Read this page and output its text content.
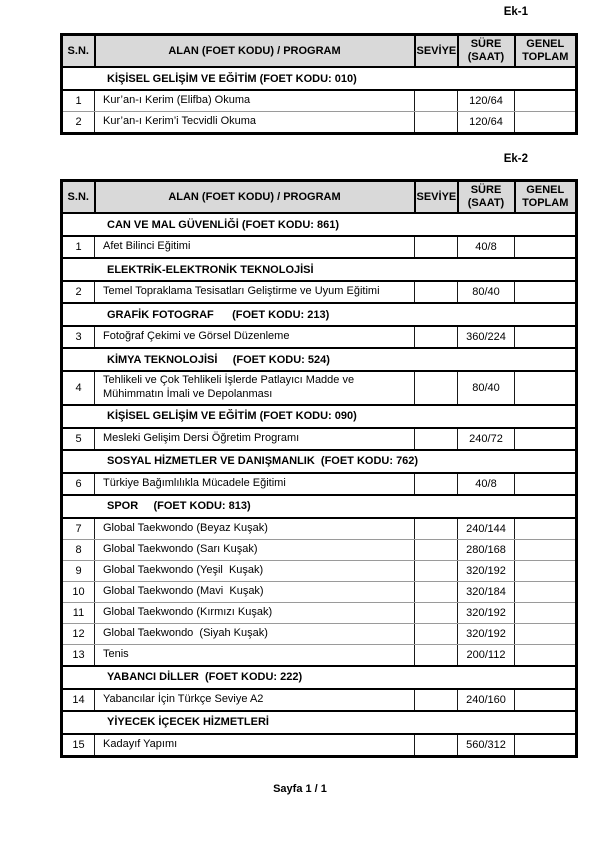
Ek-1
S.N.	ALAN (FOET KODU) / PROGRAM	SEVİYE	SÜRE (SAAT)	GENEL TOPLAM
KİŞİSEL GELİŞİM VE EĞİTİM (FOET KODU: 010)				
1	Kur’an-ı Kerim (Elifba) Okuma		120/64	
2	Kur’an-ı Kerim’i Tecvidli Okuma		120/64	
Ek-2
S.N.	ALAN (FOET KODU) / PROGRAM	SEVİYE	SÜRE (SAAT)	GENEL TOPLAM
CAN VE MAL GÜVENLİĞİ (FOET KODU: 861)				
1	Afet Bilinci Eğitimi		40/8	
ELEKTRİK-ELEKTRONİK TEKNOLOJİSİ				
2	Temel Topraklama Tesisatları Geliştirme ve Uyum Eğitimi		80/40	
GRAFİK FOTOGRAF      (FOET KODU: 213)				
3	Fotoğraf Çekimi ve Görsel Düzenleme		360/224	
KİMYA TEKNOLOJİSİ     (FOET KODU: 524)				
4	Tehlikeli ve Çok Tehlikeli İşlerde Patlayıcı Madde ve Mühimmatın İmali ve Depolanması		80/40	
KİŞİSEL GELİŞİM VE EĞİTİM (FOET KODU: 090)				
5	Mesleki Gelişim Dersi Öğretim Programı		240/72	
SOSYAL HİZMETLER VE DANIŞMANLIK  (FOET KODU: 762)				
6	Türkiye Bağımlılıkla Mücadele Eğitimi		40/8	
SPOR     (FOET KODU: 813)				
7	Global Taekwondo (Beyaz Kuşak)		240/144	
8	Global Taekwondo (Sarı Kuşak)		280/168	
9	Global Taekwondo (Yeşil  Kuşak)		320/192	
10	Global Taekwondo (Mavi  Kuşak)		320/184	
11	Global Taekwondo (Kırmızı Kuşak)		320/192	
12	Global Taekwondo  (Siyah Kuşak)		320/192	
13	Tenis		200/112	
YABANCI DİLLER  (FOET KODU: 222)				
14	Yabancılar İçin Türkçe Seviye A2		240/160	
YİYECEK İÇECEK HİZMETLERİ				
15	Kadayıf Yapımı		560/312	
Sayfa 1 / 1
